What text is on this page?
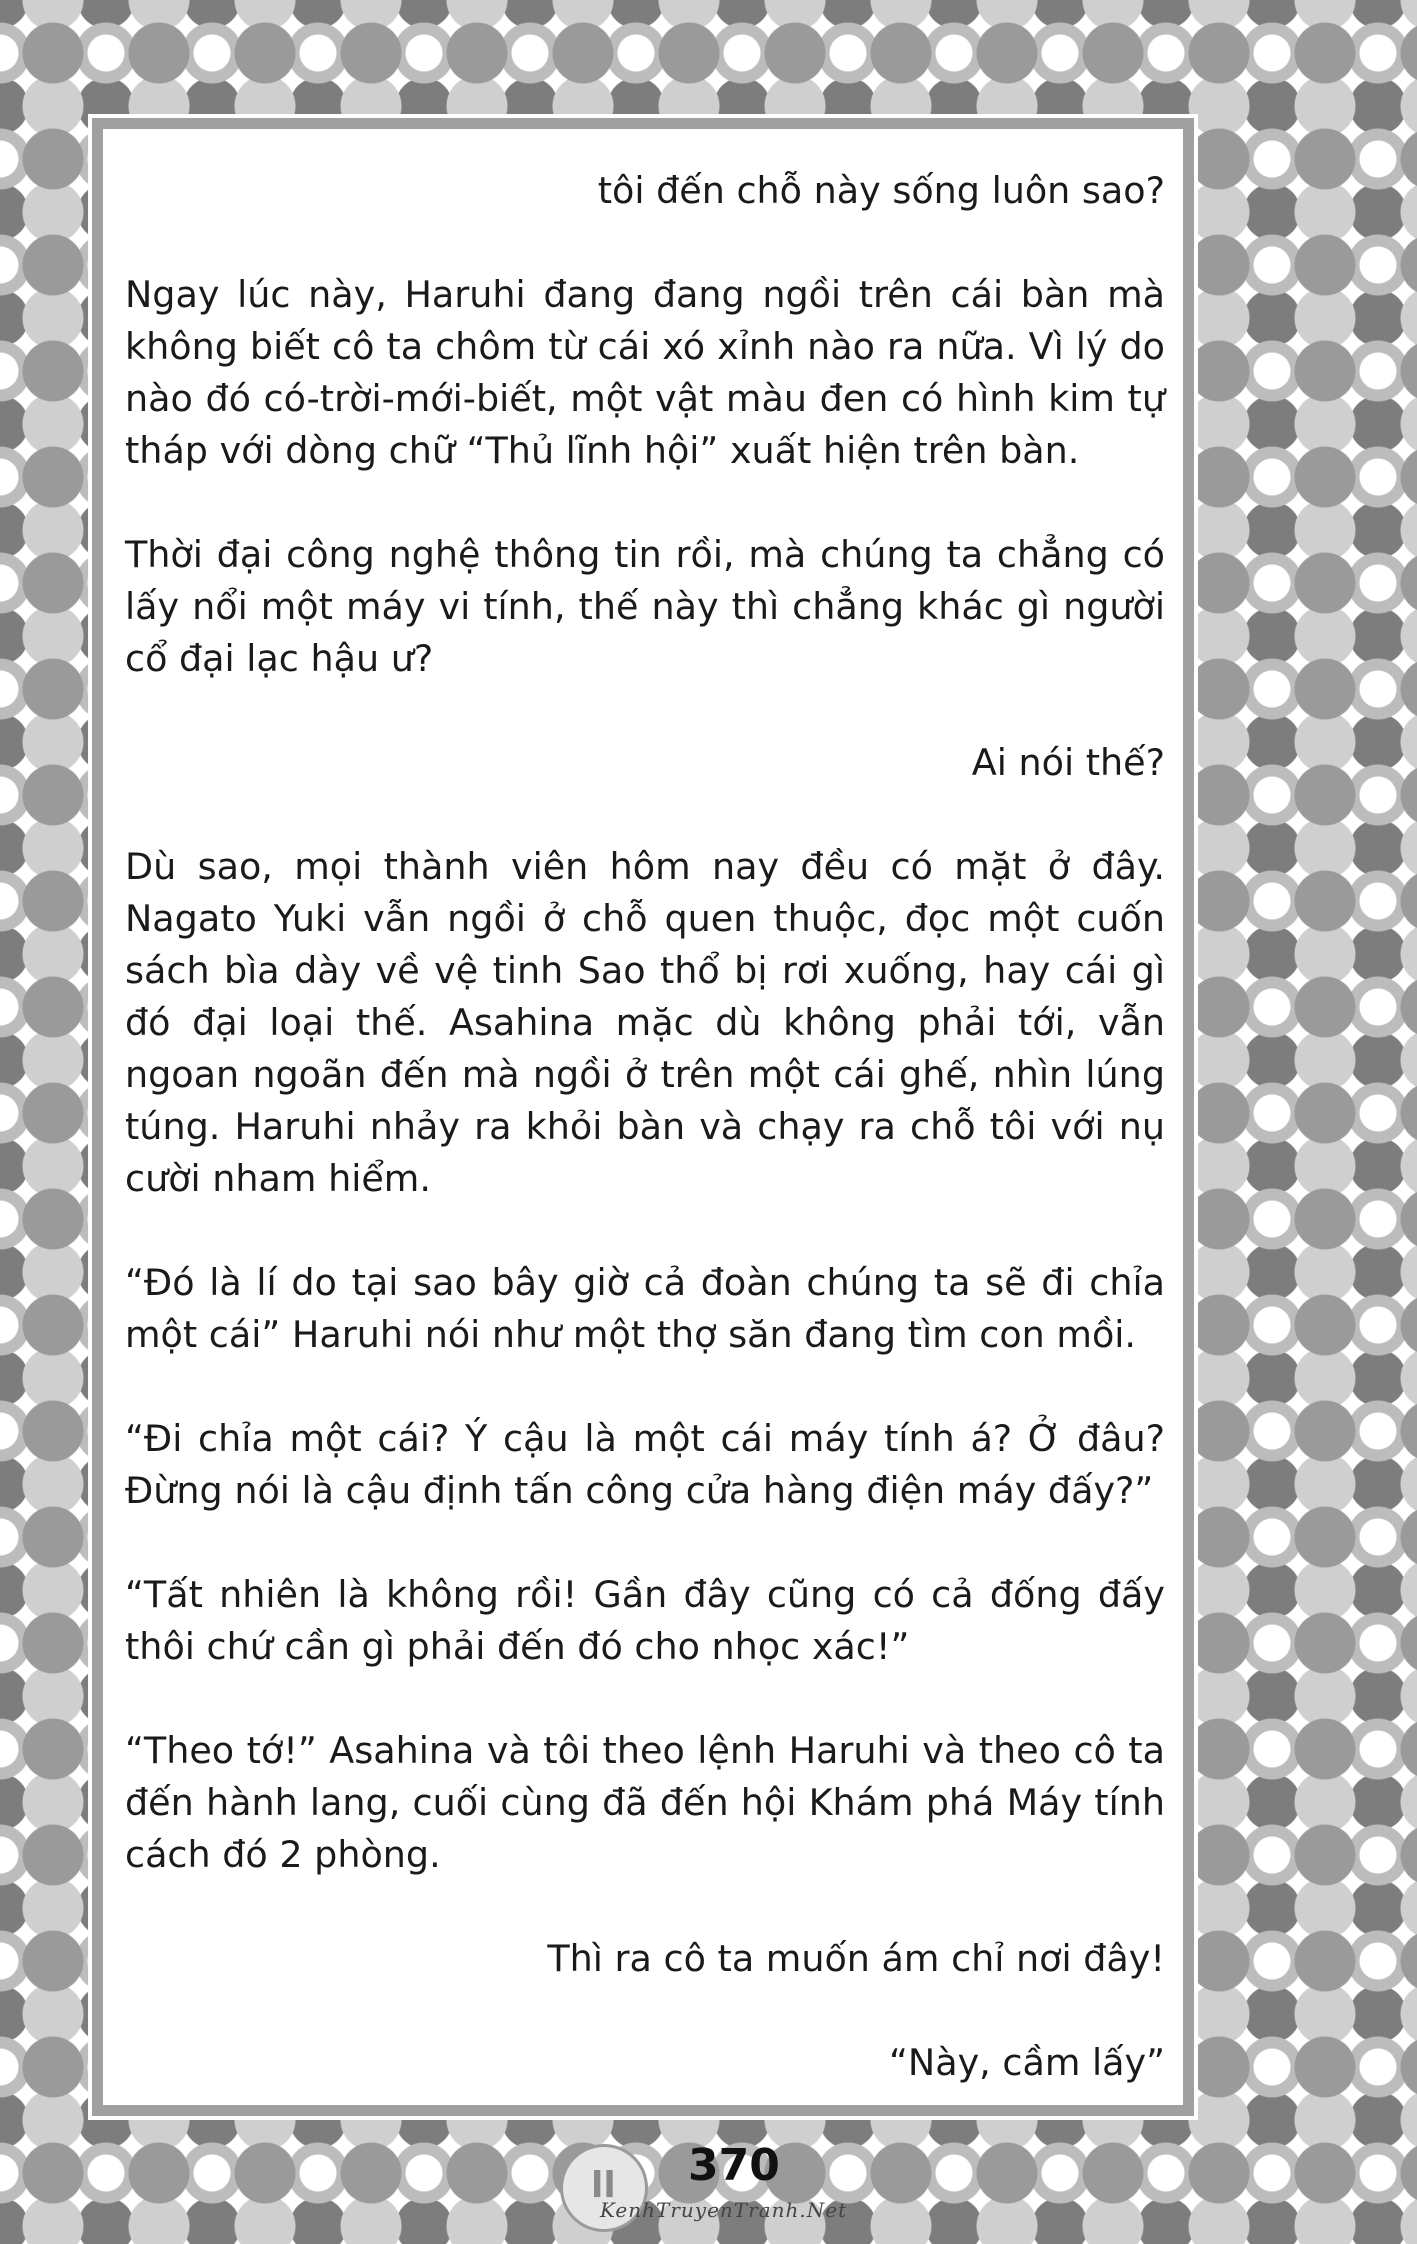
tôi đến chỗ này sống luôn sao?

Ngay lúc này, Haruhi đang đang ngồi trên cái bàn mà không biết cô ta chôm từ cái xó xỉnh nào ra nữa. Vì lý do nào đó có-trời-mới-biết, một vật màu đen có hình kim tự tháp với dòng chữ “Thủ lĩnh hội” xuất hiện trên bàn.

Thời đại công nghệ thông tin rồi, mà chúng ta chẳng có lấy nổi một máy vi tính, thế này thì chẳng khác gì người cổ đại lạc hậu ư?

Ai nói thế?

Dù sao, mọi thành viên hôm nay đều có mặt ở đây. Nagato Yuki vẫn ngồi ở chỗ quen thuộc, đọc một cuốn sách bìa dày về vệ tinh Sao thổ bị rơi xuống, hay cái gì đó đại loại thế. Asahina mặc dù không phải tới, vẫn ngoan ngoãn đến mà ngồi ở trên một cái ghế, nhìn lúng túng. Haruhi nhảy ra khỏi bàn và chạy ra chỗ tôi với nụ cười nham hiểm.

“Đó là lí do tại sao bây giờ cả đoàn chúng ta sẽ đi chỉa một cái” Haruhi nói như một thợ săn đang tìm con mồi.

“Đi chỉa một cái? Ý cậu là một cái máy tính á? Ở đâu? Đừng nói là cậu định tấn công cửa hàng điện máy đấy?”

“Tất nhiên là không rồi! Gần đây cũng có cả đống đấy thôi chứ cần gì phải đến đó cho nhọc xác!”

“Theo tớ!” Asahina và tôi theo lệnh Haruhi và theo cô ta đến hành lang, cuối cùng đã đến hội Khám phá Máy tính cách đó 2 phòng.

Thì ra cô ta muốn ám chỉ nơi đây!

“Này, cầm lấy”

ll 370
KenhTruyenTranh.Net
